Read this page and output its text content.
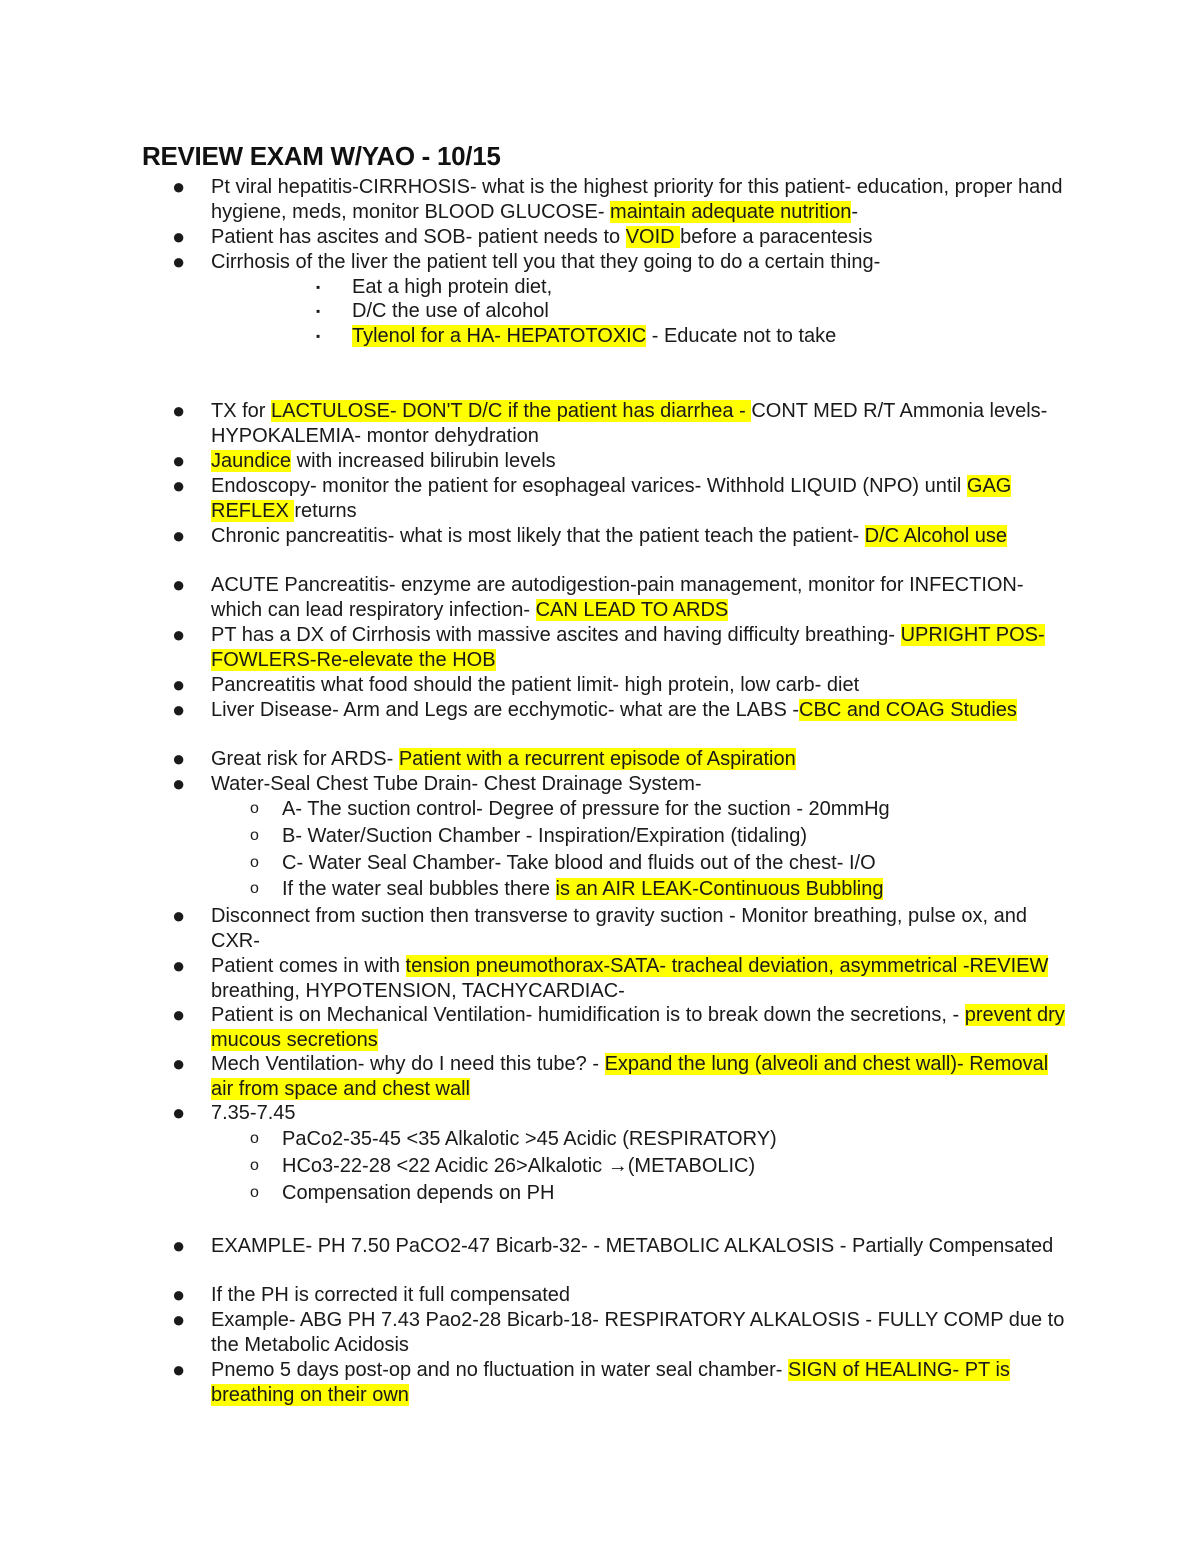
REVIEW EXAM W/YAO - 10/15
● Pt viral hepatitis-CIRRHOSIS- what is the highest priority for this patient- education, proper hand hygiene, meds, monitor BLOOD GLUCOSE- maintain adequate nutrition-
● Patient has ascites and SOB- patient needs to VOID before a paracentesis
● Cirrhosis of the liver the patient tell you that they going to do a certain thing-
▪ Eat a high protein diet,
▪ D/C the use of alcohol
▪ Tylenol for a HA- HEPATOTOXIC - Educate not to take
● TX for LACTULOSE- DON'T D/C if the patient has diarrhea - CONT MED R/T Ammonia levels- HYPOKALEMIA- montor dehydration
● Jaundice with increased bilirubin levels
● Endoscopy- monitor the patient for esophageal varices- Withhold LIQUID (NPO) until GAG REFLEX returns
● Chronic pancreatitis- what is most likely that the patient teach the patient- D/C Alcohol use
● ACUTE Pancreatitis- enzyme are autodigestion-pain management, monitor for INFECTION- which can lead respiratory infection- CAN LEAD TO ARDS
● PT has a DX of Cirrhosis with massive ascites and having difficulty breathing- UPRIGHT POS- FOWLERS-Re-elevate the HOB
● Pancreatitis what food should the patient limit- high protein, low carb- diet
● Liver Disease- Arm and Legs are ecchymotic- what are the LABS -CBC and COAG Studies
● Great risk for ARDS- Patient with a recurrent episode of Aspiration
● Water-Seal Chest Tube Drain- Chest Drainage System-
o A- The suction control- Degree of pressure for the suction - 20mmHg
o B- Water/Suction Chamber - Inspiration/Expiration (tidaling)
o C- Water Seal Chamber- Take blood and fluids out of the chest- I/O
o If the water seal bubbles there is an AIR LEAK-Continuous Bubbling
● Disconnect from suction then transverse to gravity suction - Monitor breathing, pulse ox, and CXR-
● Patient comes in with tension pneumothorax-SATA- tracheal deviation, asymmetrical -REVIEW breathing, HYPOTENSION, TACHYCARDIAC-
● Patient is on Mechanical Ventilation- humidification is to break down the secretions, - prevent dry mucous secretions
● Mech Ventilation- why do I need this tube? - Expand the lung (alveoli and chest wall)- Removal air from space and chest wall
● 7.35-7.45
o PaCo2-35-45 <35 Alkalotic >45 Acidic (RESPIRATORY)
o HCo3-22-28 <22 Acidic 26>Alkalotic →(METABOLIC)
o Compensation depends on PH
● EXAMPLE- PH 7.50 PaCO2-47 Bicarb-32- - METABOLIC ALKALOSIS - Partially Compensated
● If the PH is corrected it full compensated
● Example- ABG PH 7.43 Pao2-28 Bicarb-18- RESPIRATORY ALKALOSIS - FULLY COMP due to the Metabolic Acidosis
● Pnemo 5 days post-op and no fluctuation in water seal chamber- SIGN of HEALING- PT is breathing on their own
